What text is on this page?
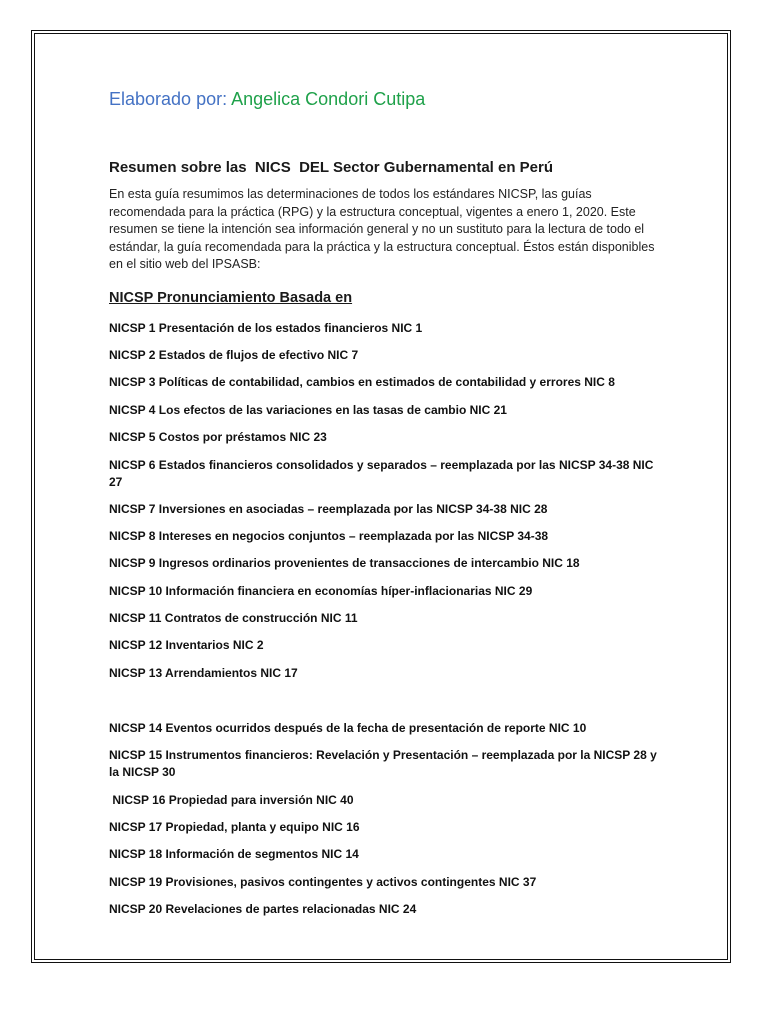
Elaborado por: Angelica Condori Cutipa

Resumen sobre las  NICS  DEL Sector Gubernamental en Perú
En esta guía resumimos las determinaciones de todos los estándares NICSP, las guías recomendada para la práctica (RPG) y la estructura conceptual, vigentes a enero 1, 2020. Este resumen se tiene la intención sea información general y no un sustituto para la lectura de todo el estándar, la guía recomendada para la práctica y la estructura conceptual. Éstos están disponibles en el sitio web del IPSASB:
NICSP Pronunciamiento Basada en
NICSP 1 Presentación de los estados financieros NIC 1
NICSP 2 Estados de flujos de efectivo NIC 7
NICSP 3 Políticas de contabilidad, cambios en estimados de contabilidad y errores NIC 8
NICSP 4 Los efectos de las variaciones en las tasas de cambio NIC 21
NICSP 5 Costos por préstamos NIC 23
NICSP 6 Estados financieros consolidados y separados – reemplazada por las NICSP 34-38 NIC 27
NICSP 7 Inversiones en asociadas – reemplazada por las NICSP 34-38 NIC 28
NICSP 8 Intereses en negocios conjuntos – reemplazada por las NICSP 34-38
NICSP 9 Ingresos ordinarios provenientes de transacciones de intercambio NIC 18
NICSP 10 Información financiera en economías híper-inflacionarias NIC 29
NICSP 11 Contratos de construcción NIC 11
NICSP 12 Inventarios NIC 2
NICSP 13 Arrendamientos NIC 17
NICSP 14 Eventos ocurridos después de la fecha de presentación de reporte NIC 10
NICSP 15 Instrumentos financieros: Revelación y Presentación – reemplazada por la NICSP 28 y la NICSP 30
NICSP 16 Propiedad para inversión NIC 40
NICSP 17 Propiedad, planta y equipo NIC 16
NICSP 18 Información de segmentos NIC 14
NICSP 19 Provisiones, pasivos contingentes y activos contingentes NIC 37
NICSP 20 Revelaciones de partes relacionadas NIC 24
